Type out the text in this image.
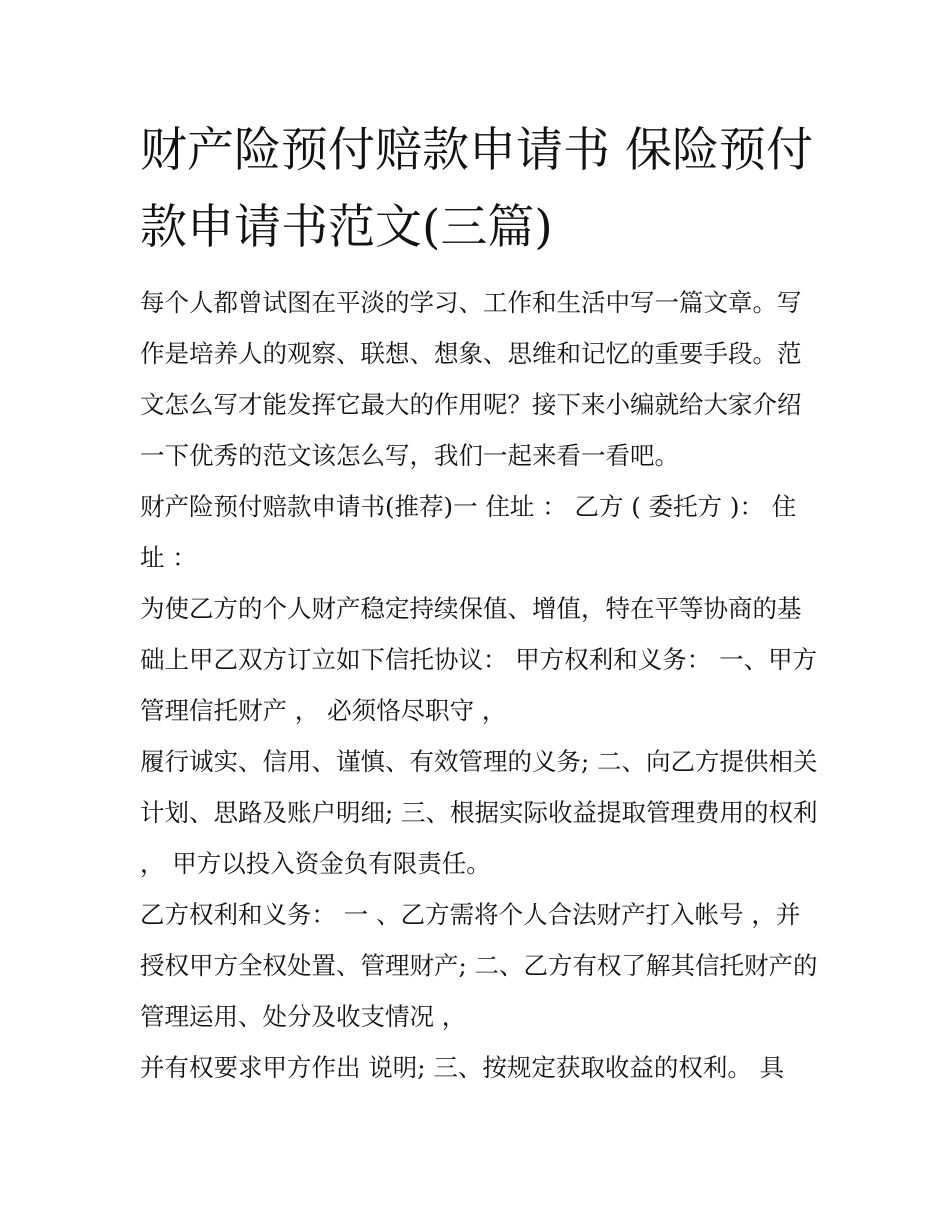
财产险预付赔款申请书 保险预付款申请书范文(三篇)

每个人都曾试图在平淡的学习、工作和生活中写一篇文章。写作是培养人的观察、联想、想象、思维和记忆的重要手段。范文怎么写才能发挥它最大的作用呢？接下来小编就给大家介绍一下优秀的范文该怎么写，我们一起来看一看吧。

财产险预付赔款申请书(推荐)一 住址 ： 乙方 ( 委托方 )： 住址 ：

为使乙方的个人财产稳定持续保值、增值，特在平等协商的基础上甲乙双方订立如下信托协议： 甲方权利和义务： 一、甲方管理信托财产 ， 必须恪尽职守 ，

履行诚实、信用、谨慎、有效管理的义务; 二、向乙方提供相关计划、思路及账户明细; 三、根据实际收益提取管理费用的权利 ， 甲方以投入资金负有限责任。

乙方权利和义务： 一 、乙方需将个人合法财产打入帐号 ，并授权甲方全权处置、管理财产; 二、乙方有权了解其信托财产的管理运用、处分及收支情况 ，

并有权要求甲方作出 说明; 三、按规定获取收益的权利。 具
